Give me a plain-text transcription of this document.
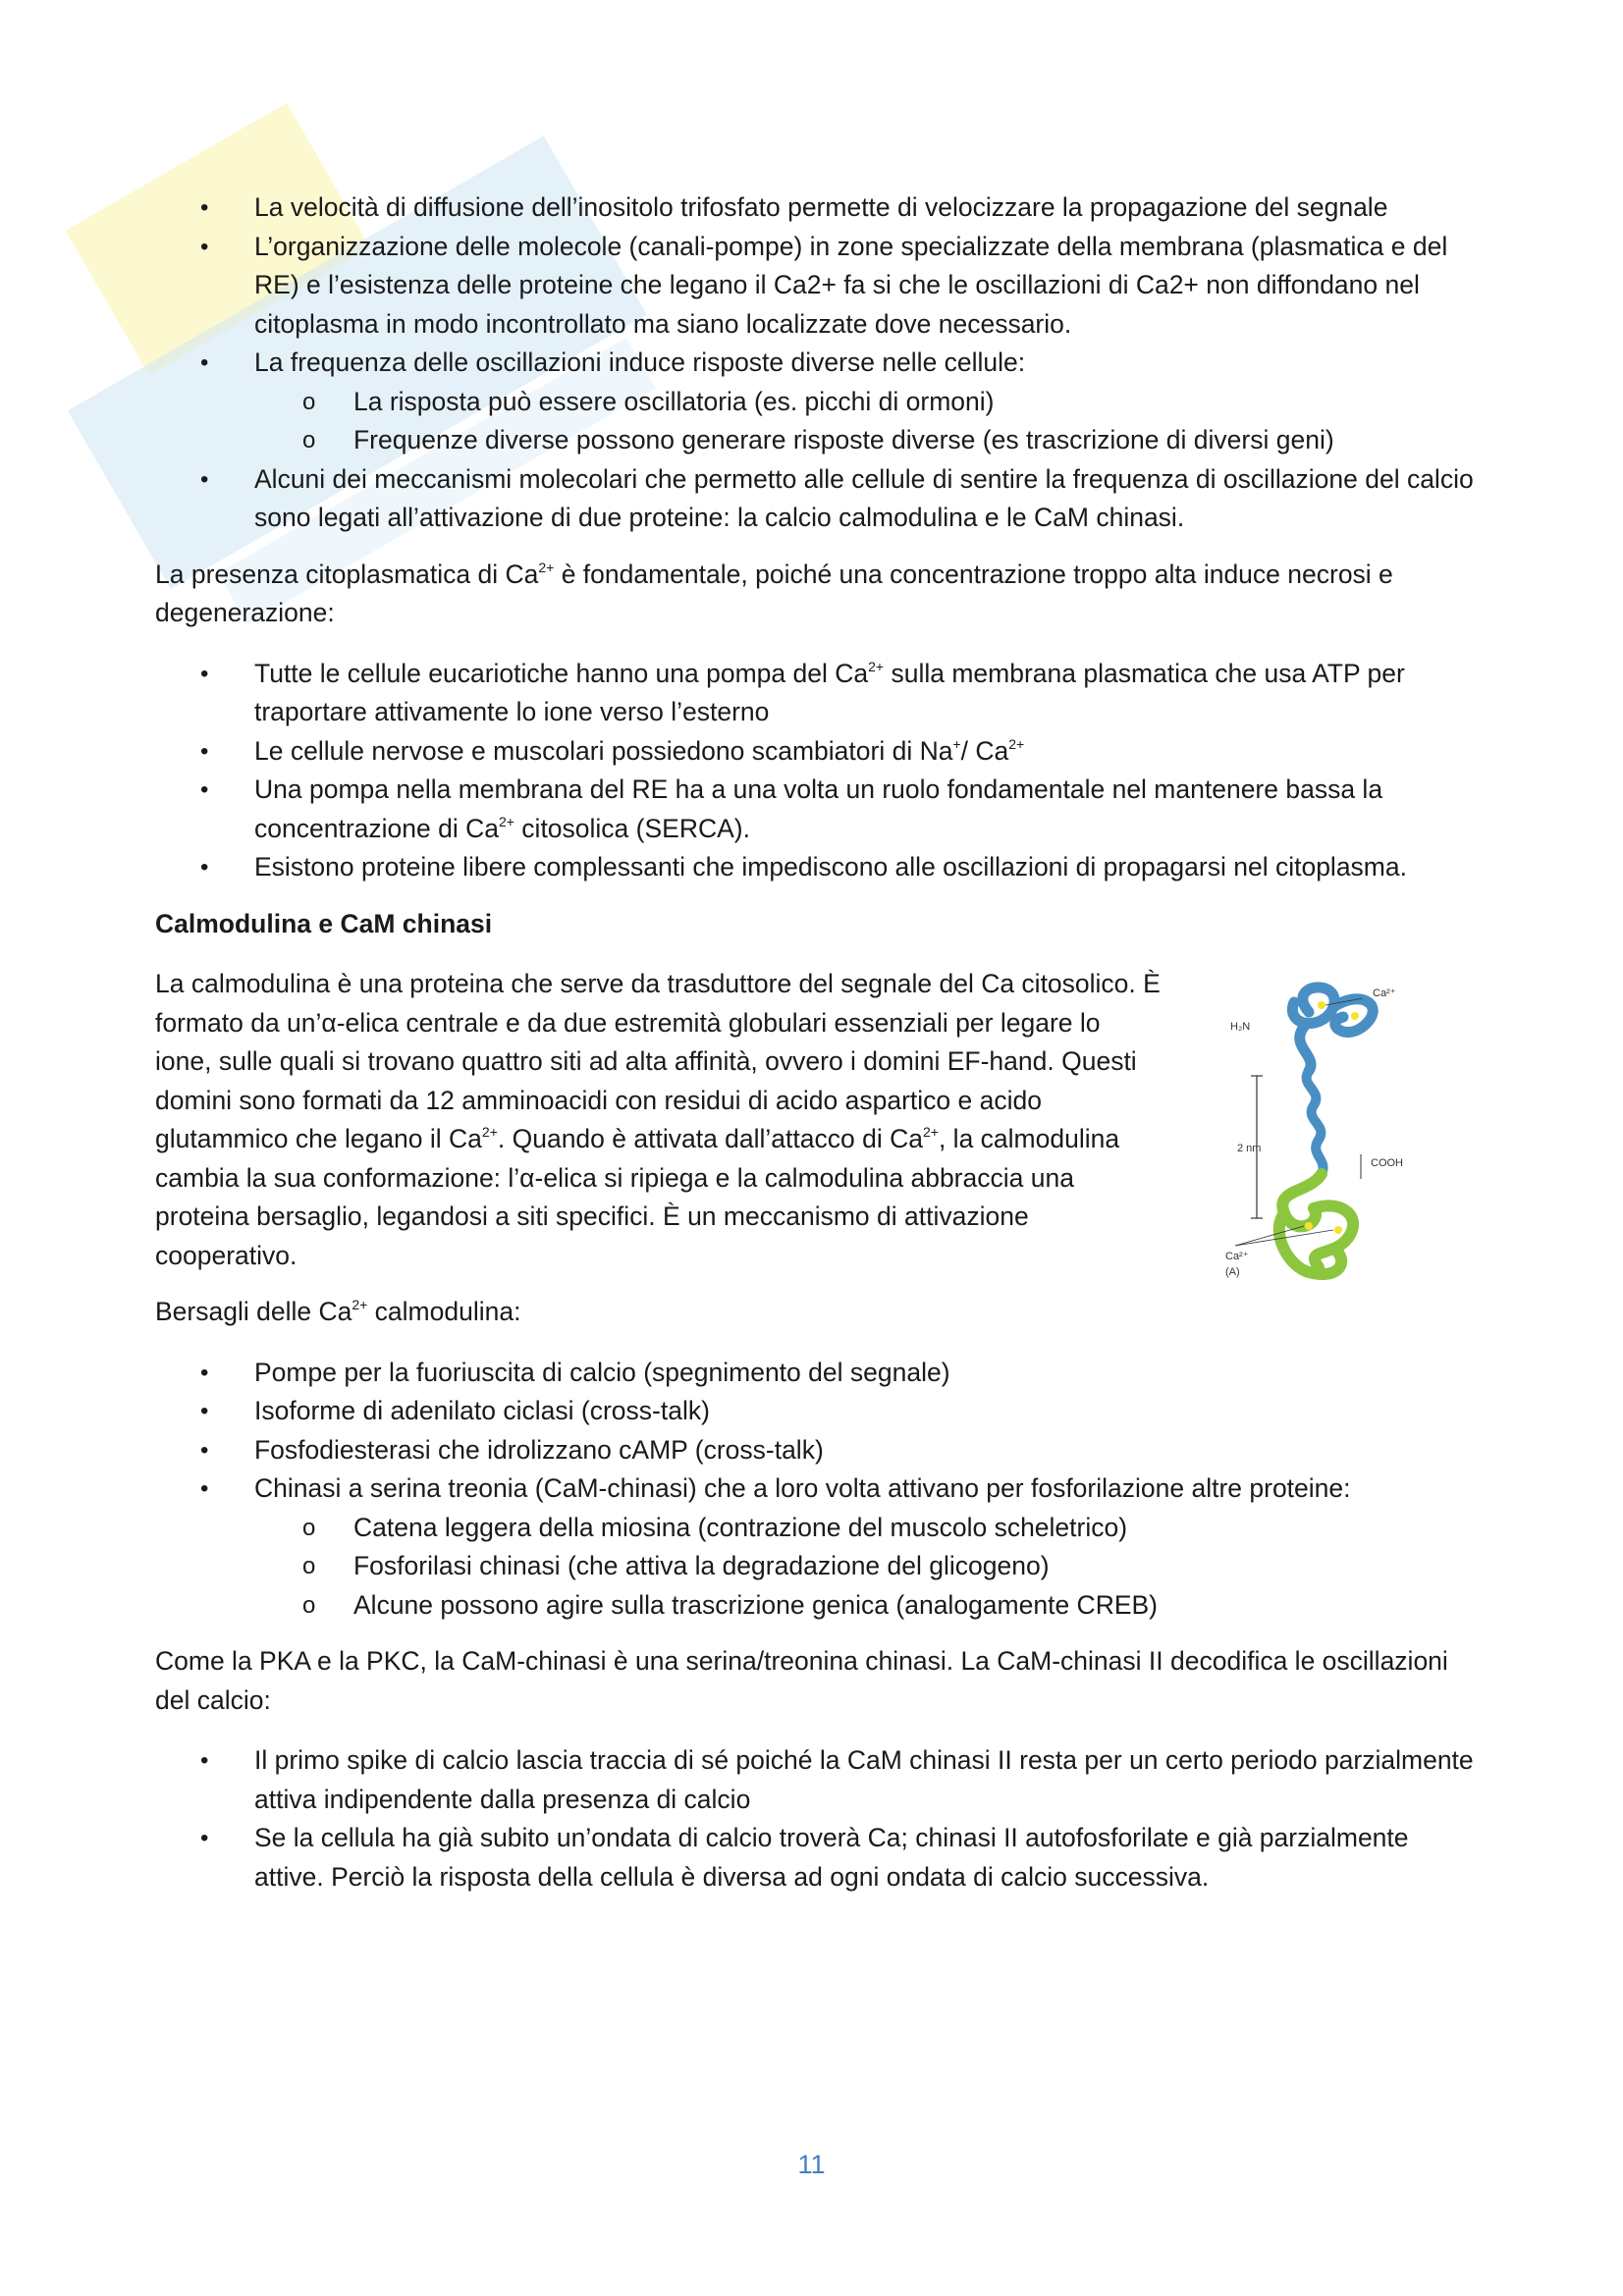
• La velocità di diffusione dell’inositolo trifosfato permette di velocizzare la propagazione del segnale
• L’organizzazione delle molecole (canali-pompe) in zone specializzate della membrana (plasmatica e del RE) e l’esistenza delle proteine che legano il Ca2+ fa si che le oscillazioni di Ca2+ non diffondano nel citoplasma in modo incontrollato ma siano localizzate dove necessario.
• La frequenza delle oscillazioni induce risposte diverse nelle cellule:
o La risposta può essere oscillatoria (es. picchi di ormoni)
o Frequenze diverse possono generare risposte diverse (es trascrizione di diversi geni)
• Alcuni dei meccanismi molecolari che permetto alle cellule di sentire la frequenza di oscillazione del calcio sono legati all’attivazione di due proteine: la calcio calmodulina e le CaM chinasi.

La presenza citoplasmatica di $Ca^{2+}$ è fondamentale, poiché una concentrazione troppo alta induce necrosi e degenerazione:

• Tutte le cellule eucariotiche hanno una pompa del $Ca^{2+}$ sulla membrana plasmatica che usa ATP per traportare attivamente lo ione verso l’esterno
• Le cellule nervose e muscolari possiedono scambiatori di Na+/ $Ca^{2+}$
• Una pompa nella membrana del RE ha a una volta un ruolo fondamentale nel mantenere bassa la concentrazione di $Ca^{2+}$ citosolica (SERCA).
• Esistono proteine libere complessanti che impediscono alle oscillazioni di propagarsi nel citoplasma.
Calmodulina e CaM chinasi

La calmodulina è una proteina che serve da trasduttore del segnale del Ca citosolico. È formato da un’α-elica centrale e da due estremità globulari essenziali per legare lo ione, sulle quali si trovano quattro siti ad alta affinità, ovvero i domini EF-hand. Questi domini sono formati da 12 amminoacidi con residui di acido aspartico e acido glutammico che legano il $Ca^{2+}$. Quando è attivata dall’attacco di $Ca^{2+}$, la calmodulina cambia la sua conformazione: l’α-elica si ripiega e la calmodulina abbraccia una proteina bersaglio, legandosi a siti specifici. È un meccanismo di attivazione cooperativo.

H₂N
Ca²⁺
2 nm
COOH
Ca²⁺
(A)

Bersagli delle $Ca^{2+}$ calmodulina:

• Pompe per la fuoriuscita di calcio (spegnimento del segnale)
• Isoforme di adenilato ciclasi (cross-talk)
• Fosfodiesterasi che idrolizzano cAMP (cross-talk)
• Chinasi a serina treonia (CaM-chinasi) che a loro volta attivano per fosforilazione altre proteine:
o Catena leggera della miosina (contrazione del muscolo scheletrico)
o Fosforilasi chinasi (che attiva la degradazione del glicogeno)
o Alcune possono agire sulla trascrizione genica (analogamente CREB)

Come la PKA e la PKC, la CaM-chinasi è una serina/treonina chinasi. La CaM-chinasi II decodifica le oscillazioni del calcio:

• Il primo spike di calcio lascia traccia di sé poiché la CaM chinasi II resta per un certo periodo parzialmente attiva indipendente dalla presenza di calcio
• Se la cellula ha già subito un’ondata di calcio troverà Ca; chinasi II autofosforilate e già parzialmente attive. Perciò la risposta della cellula è diversa ad ogni ondata di calcio successiva.
11
